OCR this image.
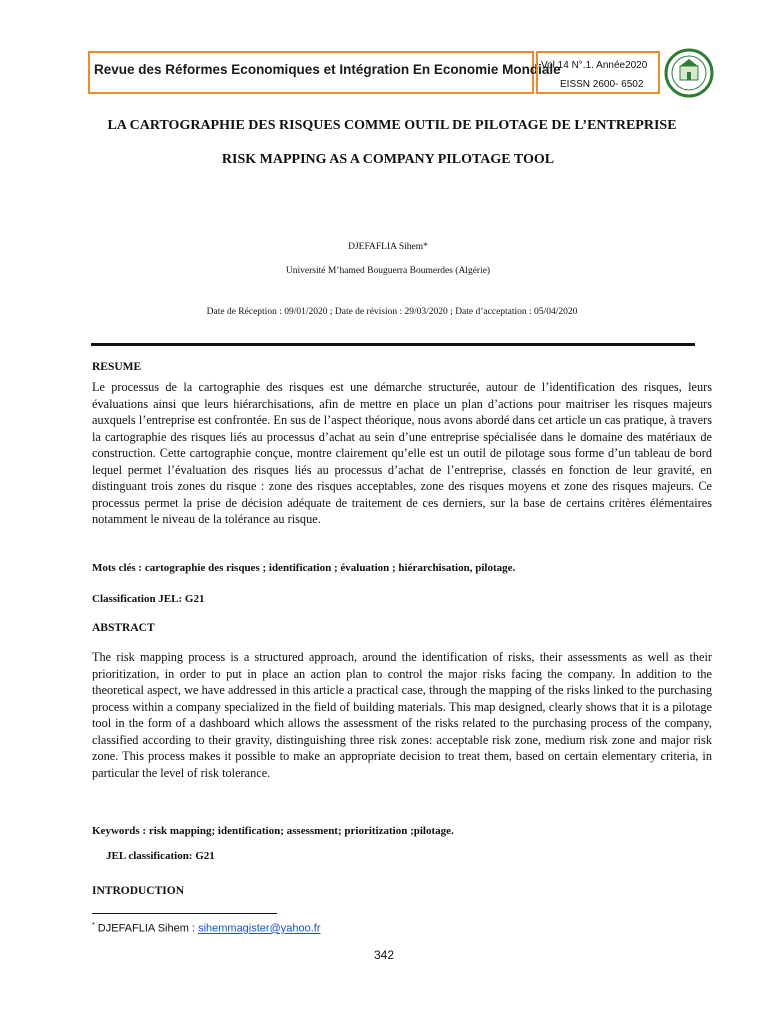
Revue des Réformes Economiques et Intégration En Economie Mondiale
Vol 14 N°.1. Année2020
EISSN 2600- 6502
LA CARTOGRAPHIE DES RISQUES COMME OUTIL DE PILOTAGE DE L’ENTREPRISE
RISK MAPPING AS A COMPANY PILOTAGE TOOL
DJEFAFLIA Sihem*
Université M’hamed Bouguerra Boumerdes (Algérie)
Date de Réception : 09/01/2020 ; Date de révision : 29/03/2020 ; Date d’acceptation : 05/04/2020
RESUME

Le processus de la cartographie des risques est une démarche structurée, autour de l’identification des risques, leurs évaluations ainsi que leurs hiérarchisations, afin de mettre en place un plan d’actions pour maitriser les risques majeurs auxquels l’entreprise est confrontée. En sus de l’aspect théorique, nous avons abordé dans cet article un cas pratique, à travers la cartographie des risques liés au processus d’achat au sein d’une entreprise spécialisée dans le domaine des matériaux de construction. Cette cartographie conçue, montre clairement qu’elle est un outil de pilotage sous forme d’un tableau de bord lequel permet l’évaluation des risques liés au processus d’achat de l’entreprise, classés en fonction de leur gravité, en distinguant trois zones du risque : zone des risques acceptables, zone des risques moyens et zone des risques majeurs. Ce processus permet la prise de décision adéquate de traitement de ces derniers, sur la base de certains critères élémentaires notamment le niveau de la tolérance au risque.

Mots clés : cartographie des risques ; identification ; évaluation ; hiérarchisation, pilotage.
Classification JEL: G21
ABSTRACT

The risk mapping process is a structured approach, around the identification of risks, their assessments as well as their prioritization, in order to put in place an action plan to control the major risks facing the company. In addition to the theoretical aspect, we have addressed in this article a practical case, through the mapping of the risks linked to the purchasing process within a company specialized in the field of building materials. This map designed, clearly shows that it is a pilotage tool in the form of a dashboard which allows the assessment of the risks related to the purchasing process of the company, classified according to their gravity, distinguishing three risk zones: acceptable risk zone, medium risk zone and major risk zone. This process makes it possible to make an appropriate decision to treat them, based on certain elementary criteria, in particular the level of risk tolerance.

Keywords : risk mapping; identification; assessment; prioritization ;pilotage.
JEL classification: G21
INTRODUCTION
* DJEFAFLIA Sihem : sihemmagister@yahoo.fr
342
